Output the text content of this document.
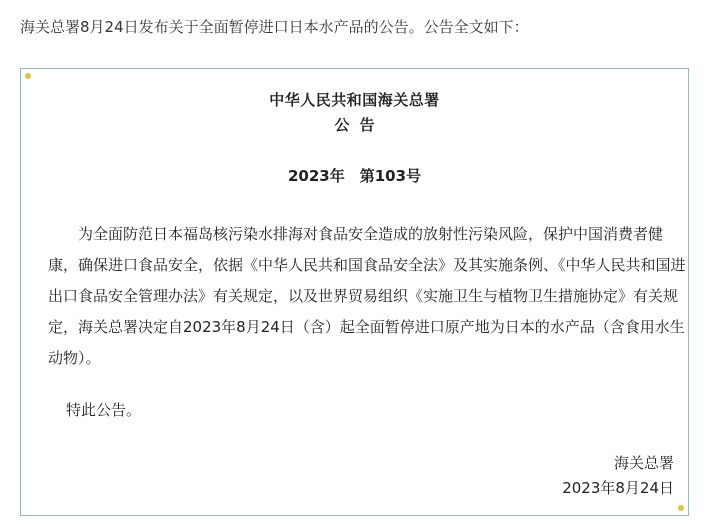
海关总署8月24日发布关于全面暂停进口日本水产品的公告。公告全文如下：
中华人民共和国海关总署
公告
2023年　第103号

为全面防范日本福岛核污染水排海对食品安全造成的放射性污染风险，保护中国消费者健康，确保进口食品安全，依据《中华人民共和国食品安全法》及其实施条例、《中华人民共和国进出口食品安全管理办法》有关规定，以及世界贸易组织《实施卫生与植物卫生措施协定》有关规定，海关总署决定自2023年8月24日（含）起全面暂停进口原产地为日本的水产品（含食用水生动物）。

特此公告。
海关总署
2023年8月24日
